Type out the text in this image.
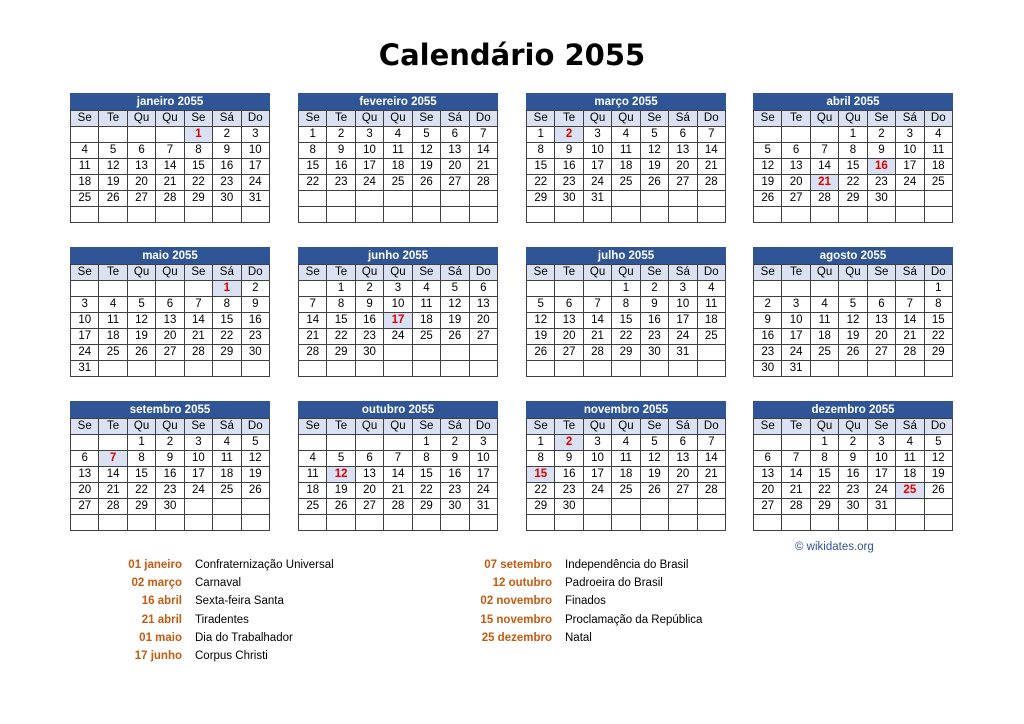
Calendário 2055
janeiro 2055
Se	Te	Qu	Qu	Se	Sá	Do
				1	2	3
4	5	6	7	8	9	10
11	12	13	14	15	16	17
18	19	20	21	22	23	24
25	26	27	28	29	30	31

fevereiro 2055
Se	Te	Qu	Qu	Se	Sá	Do
1	2	3	4	5	6	7
8	9	10	11	12	13	14
15	16	17	18	19	20	21
22	23	24	25	26	27	28

março 2055
Se	Te	Qu	Qu	Se	Sá	Do
1	2	3	4	5	6	7
8	9	10	11	12	13	14
15	16	17	18	19	20	21
22	23	24	25	26	27	28
29	30	31				

abril 2055
Se	Te	Qu	Qu	Se	Sá	Do
			1	2	3	4
5	6	7	8	9	10	11
12	13	14	15	16	17	18
19	20	21	22	23	24	25
26	27	28	29	30		

maio 2055
Se	Te	Qu	Qu	Se	Sá	Do
					1	2
3	4	5	6	7	8	9
10	11	12	13	14	15	16
17	18	19	20	21	22	23
24	25	26	27	28	29	30
31						
junho 2055
Se	Te	Qu	Qu	Se	Sá	Do
	1	2	3	4	5	6
7	8	9	10	11	12	13
14	15	16	17	18	19	20
21	22	23	24	25	26	27
28	29	30				

julho 2055
Se	Te	Qu	Qu	Se	Sá	Do
			1	2	3	4
5	6	7	8	9	10	11
12	13	14	15	16	17	18
19	20	21	22	23	24	25
26	27	28	29	30	31	

agosto 2055
Se	Te	Qu	Qu	Se	Sá	Do
						1
2	3	4	5	6	7	8
9	10	11	12	13	14	15
16	17	18	19	20	21	22
23	24	25	26	27	28	29
30	31					
setembro 2055
Se	Te	Qu	Qu	Se	Sá	Do
		1	2	3	4	5
6	7	8	9	10	11	12
13	14	15	16	17	18	19
20	21	22	23	24	25	26
27	28	29	30			

outubro 2055
Se	Te	Qu	Qu	Se	Sá	Do
				1	2	3
4	5	6	7	8	9	10
11	12	13	14	15	16	17
18	19	20	21	22	23	24
25	26	27	28	29	30	31

novembro 2055
Se	Te	Qu	Qu	Se	Sá	Do
1	2	3	4	5	6	7
8	9	10	11	12	13	14
15	16	17	18	19	20	21
22	23	24	25	26	27	28
29	30					

dezembro 2055
Se	Te	Qu	Qu	Se	Sá	Do
		1	2	3	4	5
6	7	8	9	10	11	12
13	14	15	16	17	18	19
20	21	22	23	24	25	26
27	28	29	30	31		

© wikidates.org
01 janeiro Confraternização Universal
02 março Carnaval
16 abril Sexta-feira Santa
21 abril Tiradentes
01 maio Dia do Trabalhador
17 junho Corpus Christi
07 setembro Independência do Brasil
12 outubro Padroeira do Brasil
02 novembro Finados
15 novembro Proclamação da República
25 dezembro Natal
